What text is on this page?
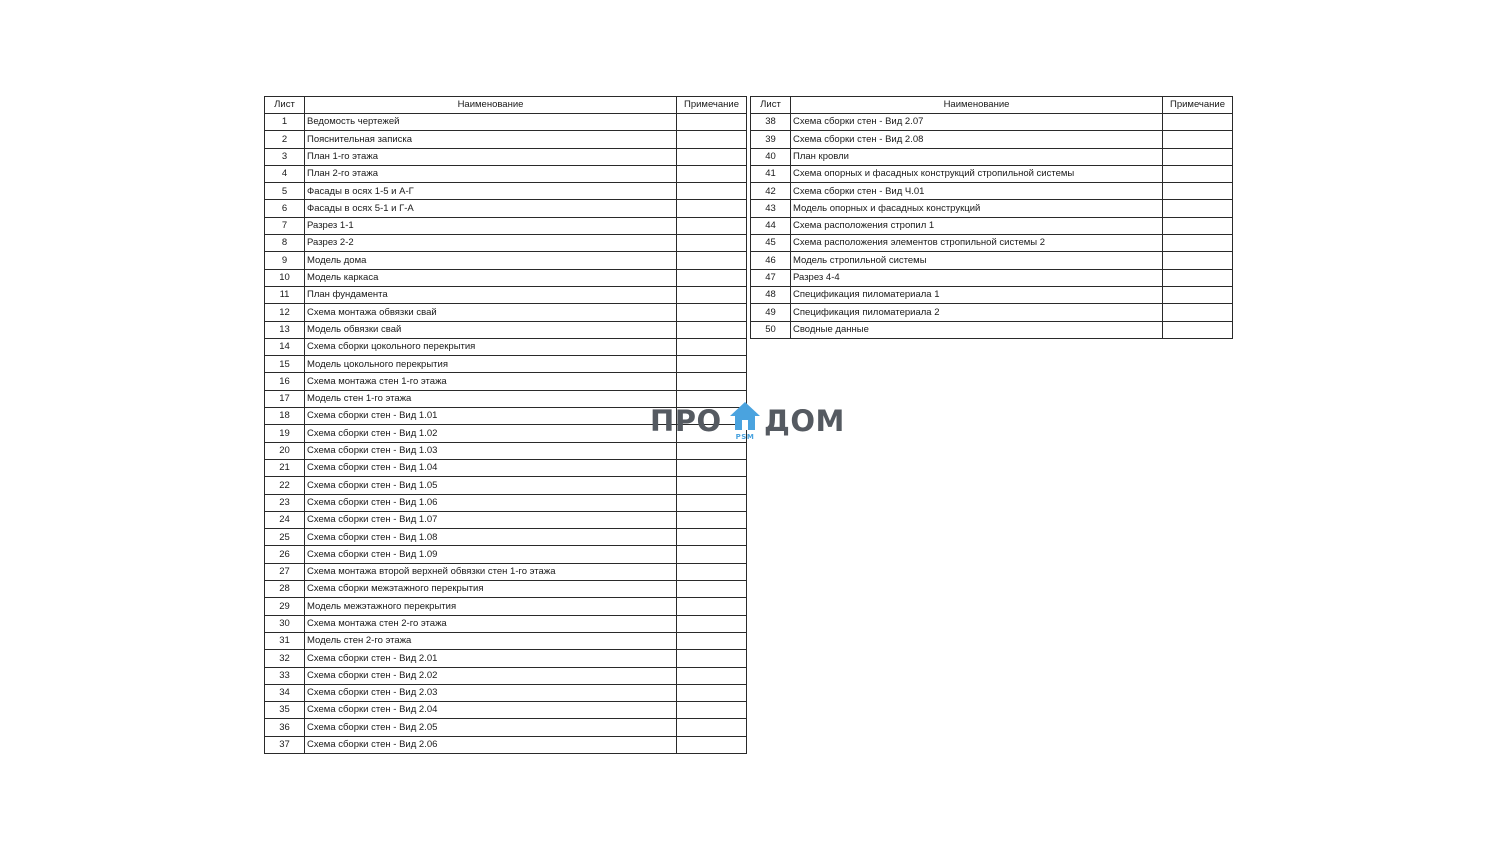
Лист	Наименование	Примечание
1	Ведомость чертежей	
2	Пояснительная записка	
3	План 1-го этажа	
4	План 2-го этажа	
5	Фасады в осях 1-5 и А-Г	
6	Фасады в осях 5-1 и Г-А	
7	Разрез 1-1	
8	Разрез 2-2	
9	Модель дома	
10	Модель каркаса	
11	План фундамента	
12	Схема монтажа обвязки свай	
13	Модель обвязки свай	
14	Схема сборки цокольного перекрытия	
15	Модель цокольного перекрытия	
16	Схема монтажа стен 1-го этажа	
17	Модель стен 1-го этажа	
18	Схема сборки стен - Вид 1.01	
19	Схема сборки стен - Вид 1.02	
20	Схема сборки стен - Вид 1.03	
21	Схема сборки стен - Вид 1.04	
22	Схема сборки стен - Вид 1.05	
23	Схема сборки стен - Вид 1.06	
24	Схема сборки стен - Вид 1.07	
25	Схема сборки стен - Вид 1.08	
26	Схема сборки стен - Вид 1.09	
27	Схема монтажа второй верхней обвязки стен 1-го этажа	
28	Схема сборки межэтажного перекрытия	
29	Модель межэтажного перекрытия	
30	Схема монтажа стен 2-го этажа	
31	Модель стен 2-го этажа	
32	Схема сборки стен - Вид 2.01	
33	Схема сборки стен - Вид 2.02	
34	Схема сборки стен - Вид 2.03	
35	Схема сборки стен - Вид 2.04	
36	Схема сборки стен - Вид 2.05	
37	Схема сборки стен - Вид 2.06	
Лист	Наименование	Примечание
38	Схема сборки стен - Вид 2.07	
39	Схема сборки стен - Вид 2.08	
40	План кровли	
41	Схема опорных и фасадных конструкций стропильной системы	
42	Схема сборки стен - Вид Ч.01	
43	Модель опорных и фасадных конструкций	
44	Схема расположения стропил 1	
45	Схема расположения элементов стропильной системы 2	
46	Модель стропильной системы	
47	Разрез 4-4	
48	Спецификация пиломатериала 1	
49	Спецификация пиломатериала 2	
50	Сводные данные	
ПРО PSM ДОМ
